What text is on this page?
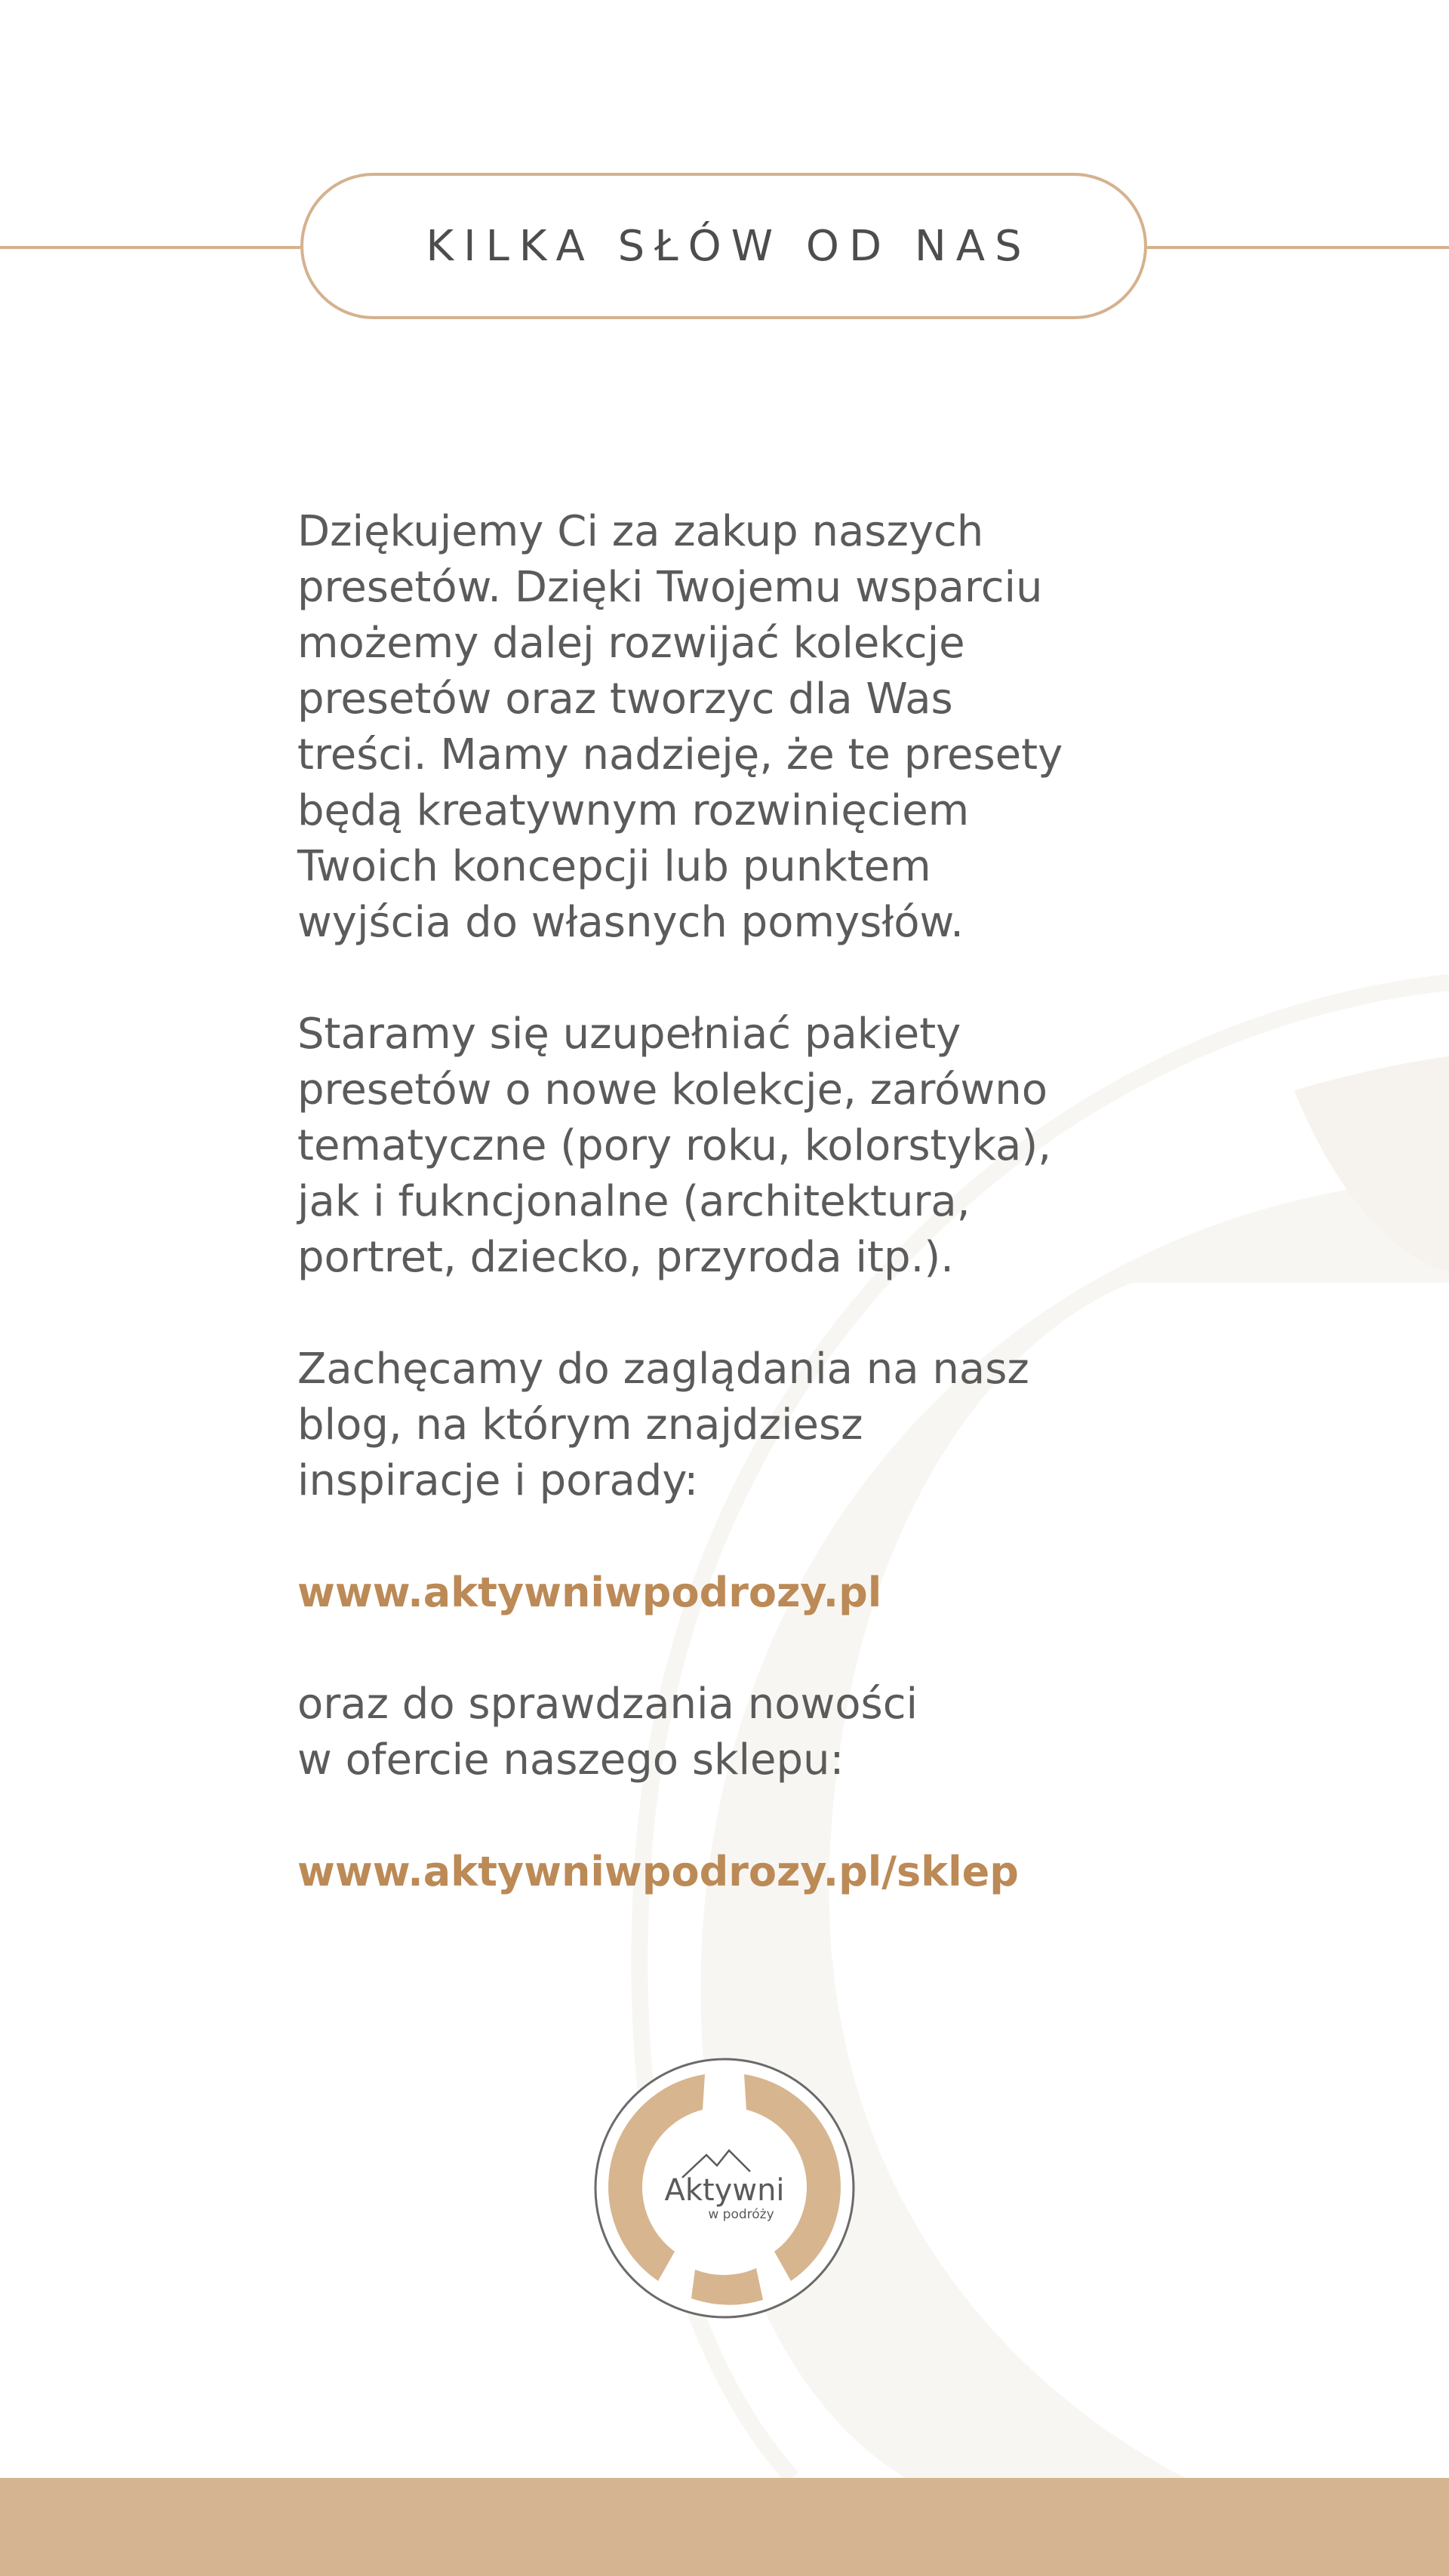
KILKA SŁÓW OD NAS

Dziękujemy Ci za zakup naszych
presetów. Dzięki Twojemu wsparciu
możemy dalej rozwijać kolekcje
presetów oraz tworzyc dla Was
treści. Mamy nadzieję, że te presety
będą kreatywnym rozwinięciem
Twoich koncepcji lub punktem
wyjścia do własnych pomysłów.

Staramy się uzupełniać pakiety
presetów o nowe kolekcje, zarówno
tematyczne (pory roku, kolorstyka),
jak i fukncjonalne (architektura,
portret, dziecko, przyroda itp.).

Zachęcamy do zaglądania na nasz
blog, na którym znajdziesz
inspiracje i porady:

www.aktywniwpodrozy.pl

oraz do sprawdzania nowości
w ofercie naszego sklepu:

www.aktywniwpodrozy.pl/sklep
Aktywni
w podróży
